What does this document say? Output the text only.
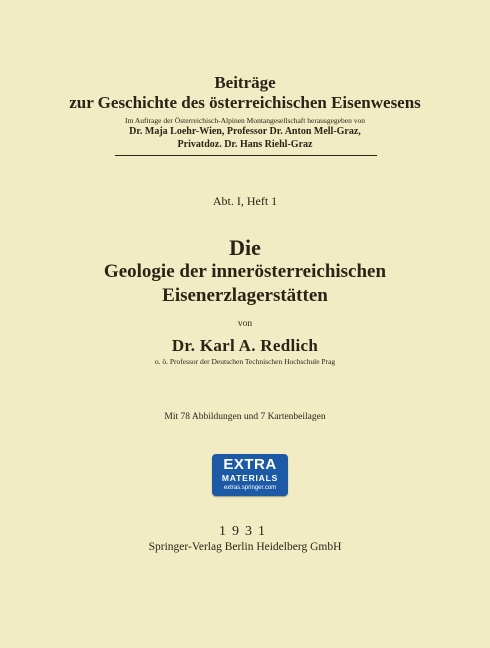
Beiträge
zur Geschichte des österreichischen Eisenwesens
Im Auftrage der Österreichisch-Alpinen Montangesellschaft herausgegeben von
Dr. Maja Loehr-Wien, Professor Dr. Anton Mell-Graz,
Privatdoz. Dr. Hans Riehl-Graz
Abt. I, Heft 1
Die
Geologie der innerösterreichischen
Eisenerzlagerstätten
von
Dr. Karl A. Redlich
o. ö. Professor der Deutschen Technischen Hochschule Prag
Mit 78 Abbildungen und 7 Kartenbeilagen
EXTRA
MATERIALS
extras.springer.com
1931
Springer-Verlag Berlin Heidelberg GmbH
